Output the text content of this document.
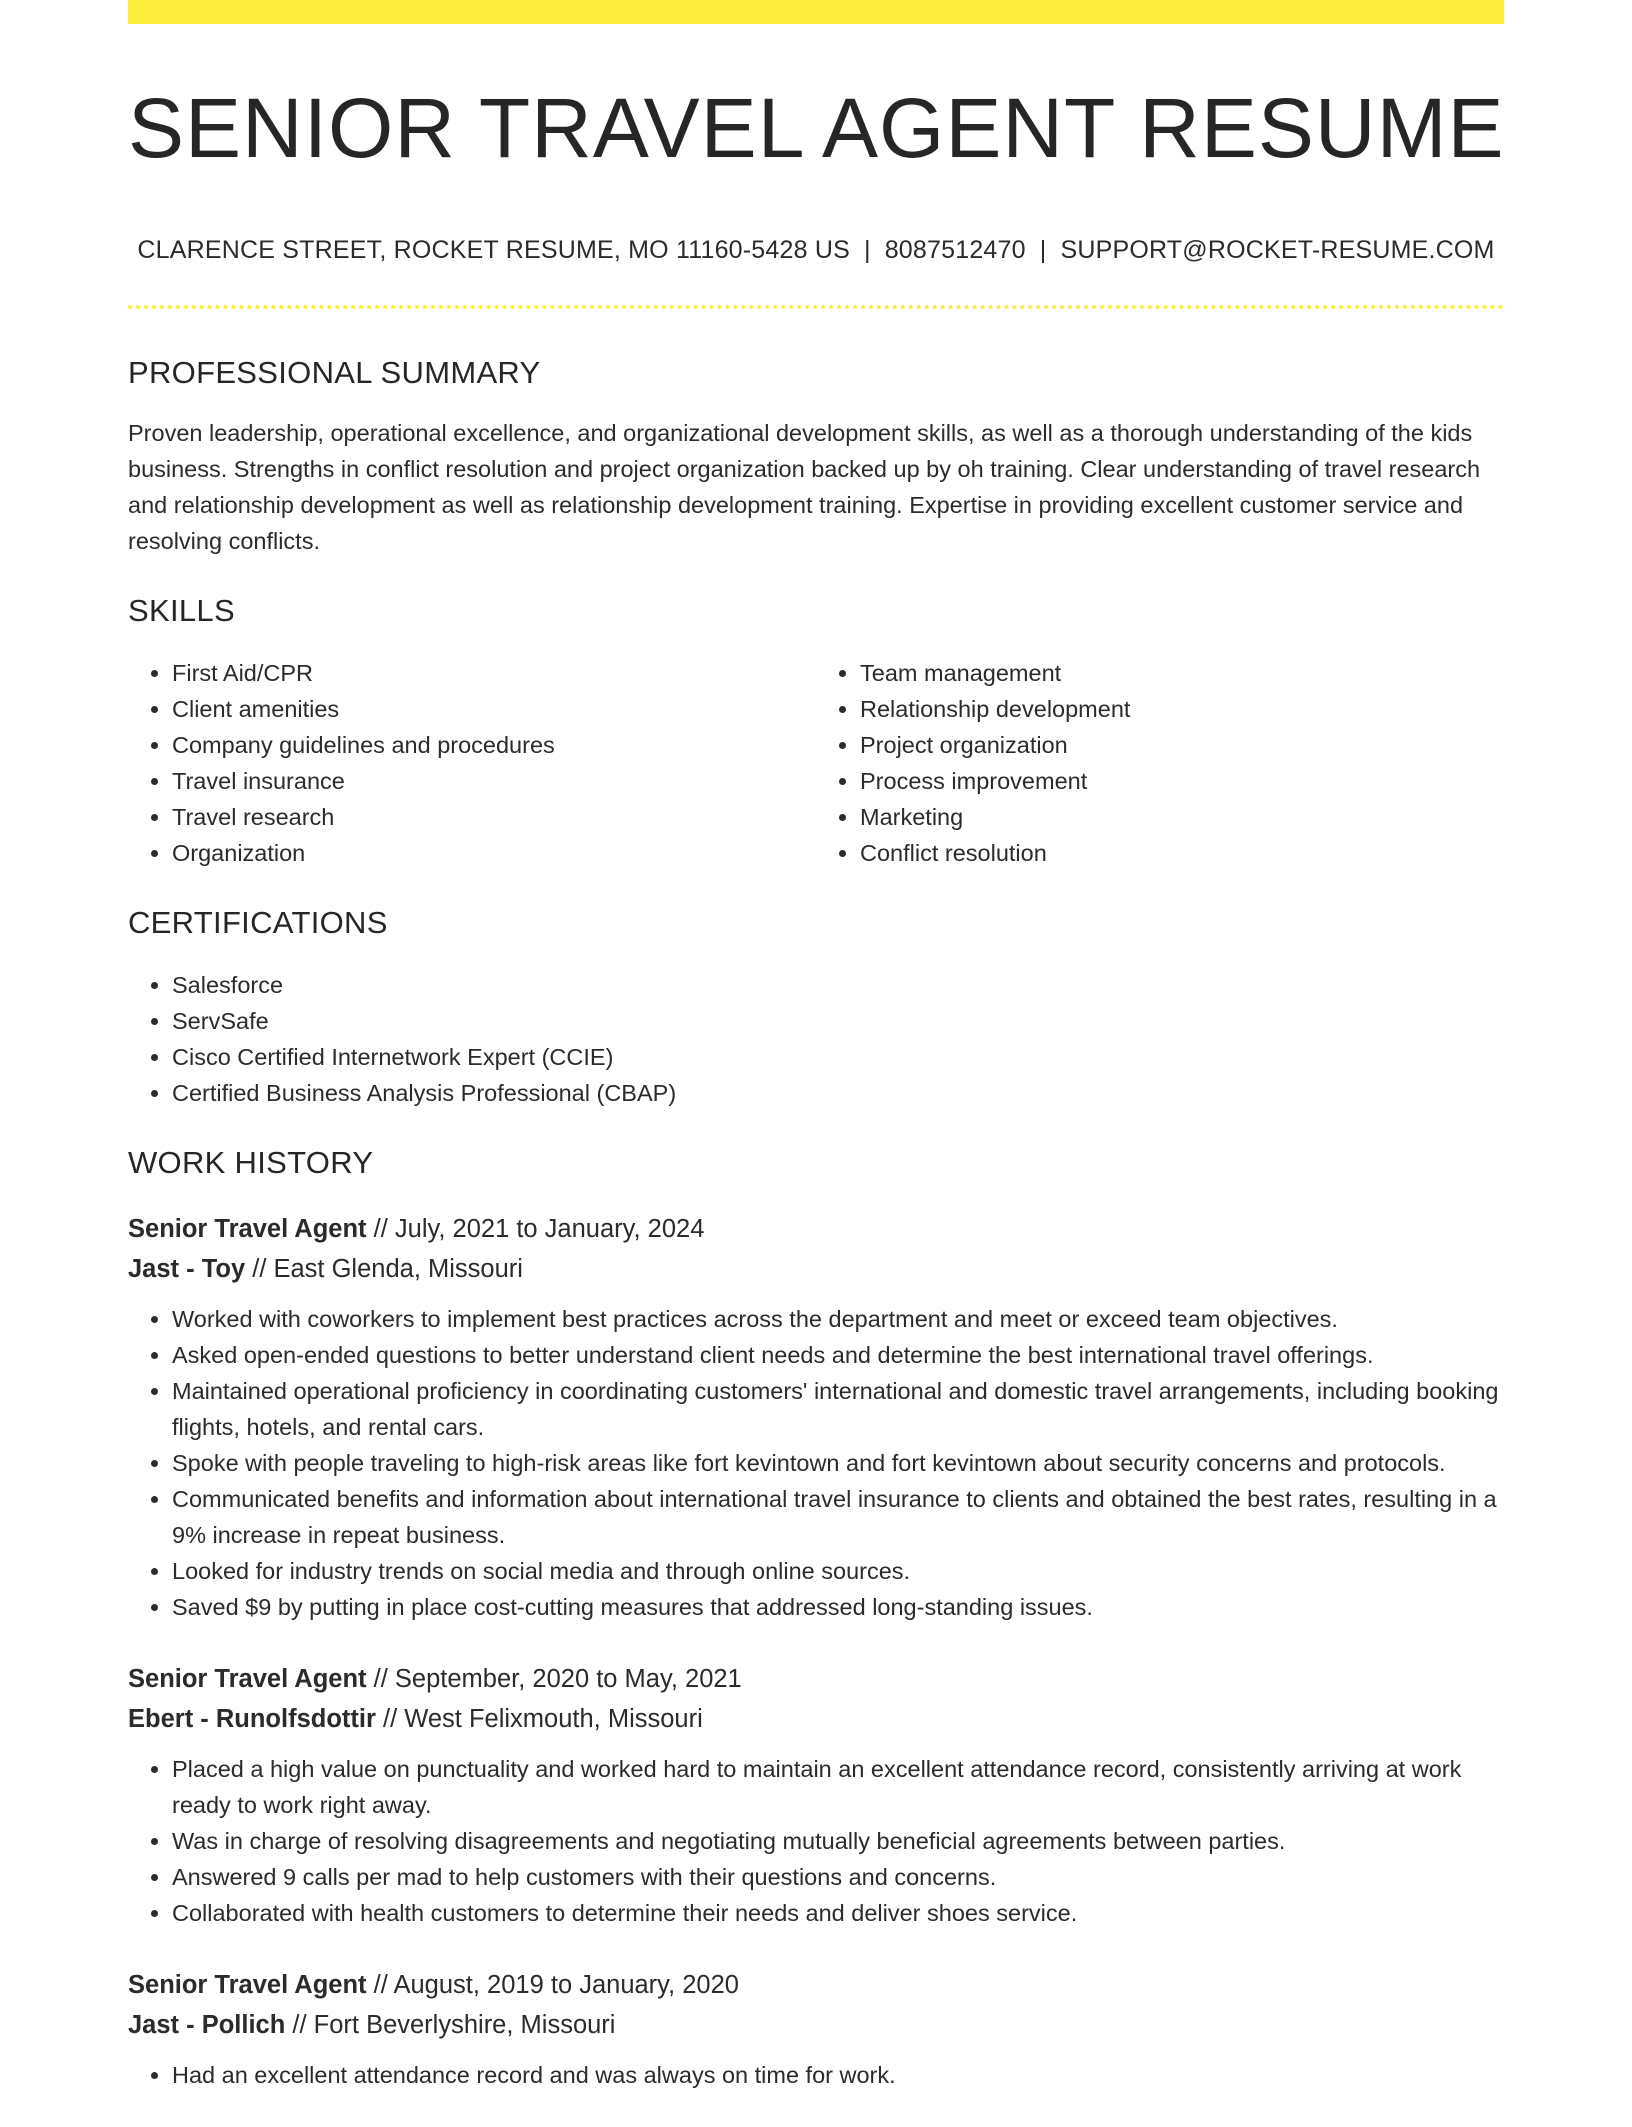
SENIOR TRAVEL AGENT RESUME
CLARENCE STREET, ROCKET RESUME, MO 11160-5428 US | 8087512470 | SUPPORT@ROCKET-RESUME.COM
PROFESSIONAL SUMMARY
Proven leadership, operational excellence, and organizational development skills, as well as a thorough understanding of the kids business. Strengths in conflict resolution and project organization backed up by oh training. Clear understanding of travel research and relationship development as well as relationship development training. Expertise in providing excellent customer service and resolving conflicts.
SKILLS
• First Aid/CPR
• Client amenities
• Company guidelines and procedures
• Travel insurance
• Travel research
• Organization
• Team management
• Relationship development
• Project organization
• Process improvement
• Marketing
• Conflict resolution
CERTIFICATIONS
• Salesforce
• ServSafe
• Cisco Certified Internetwork Expert (CCIE)
• Certified Business Analysis Professional (CBAP)
WORK HISTORY
Senior Travel Agent // July, 2021 to January, 2024
Jast - Toy // East Glenda, Missouri
• Worked with coworkers to implement best practices across the department and meet or exceed team objectives.
• Asked open-ended questions to better understand client needs and determine the best international travel offerings.
• Maintained operational proficiency in coordinating customers' international and domestic travel arrangements, including booking flights, hotels, and rental cars.
• Spoke with people traveling to high-risk areas like fort kevintown and fort kevintown about security concerns and protocols.
• Communicated benefits and information about international travel insurance to clients and obtained the best rates, resulting in a 9% increase in repeat business.
• Looked for industry trends on social media and through online sources.
• Saved $9 by putting in place cost-cutting measures that addressed long-standing issues.
Senior Travel Agent // September, 2020 to May, 2021
Ebert - Runolfsdottir // West Felixmouth, Missouri
• Placed a high value on punctuality and worked hard to maintain an excellent attendance record, consistently arriving at work ready to work right away.
• Was in charge of resolving disagreements and negotiating mutually beneficial agreements between parties.
• Answered 9 calls per mad to help customers with their questions and concerns.
• Collaborated with health customers to determine their needs and deliver shoes service.
Senior Travel Agent // August, 2019 to January, 2020
Jast - Pollich // Fort Beverlyshire, Missouri
• Had an excellent attendance record and was always on time for work.
